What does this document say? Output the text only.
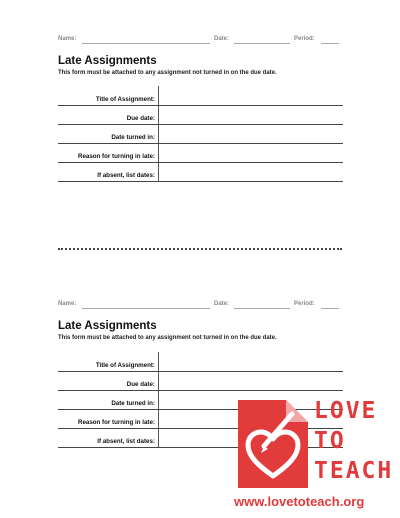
Name:	Date:	Period:
Late Assignments
This form must be attached to any assignment not turned in on the due date.
Title of Assignment:
Due date:
Date turned in:
Reason for turning in late:
If absent, list dates:
Name:	Date:	Period:
Late Assignments
This form must be attached to any assignment not turned in on the due date.
Title of Assignment:
Due date:
Date turned in:
Reason for turning in late:
If absent, list dates:
LOVE
TO
TEACH
www.lovetoteach.org
